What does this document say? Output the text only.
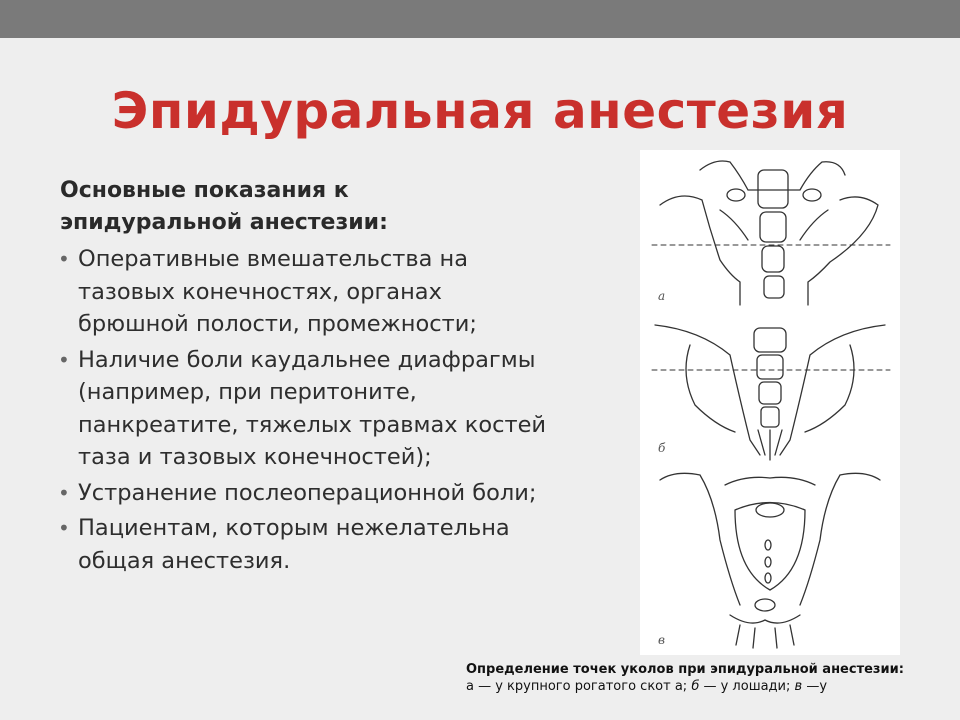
Эпидуральная анестезия
Основные показания к эпидуральной анестезии:
• Оперативные вмешательства на тазовых конечностях, органах брюшной полости, промежности;
• Наличие боли каудальнее диафрагмы (например, при перитоните, панкреатите, тяжелых травмах костей таза и тазовых конечностей);
• Устранение послеоперационной боли;
• Пациентам, которым нежелательна общая анестезия.
а
б
в
Определение точек уколов при эпидуральной анестезии:
а — у крупного рогатого скот а; б — у лошади; в —у
